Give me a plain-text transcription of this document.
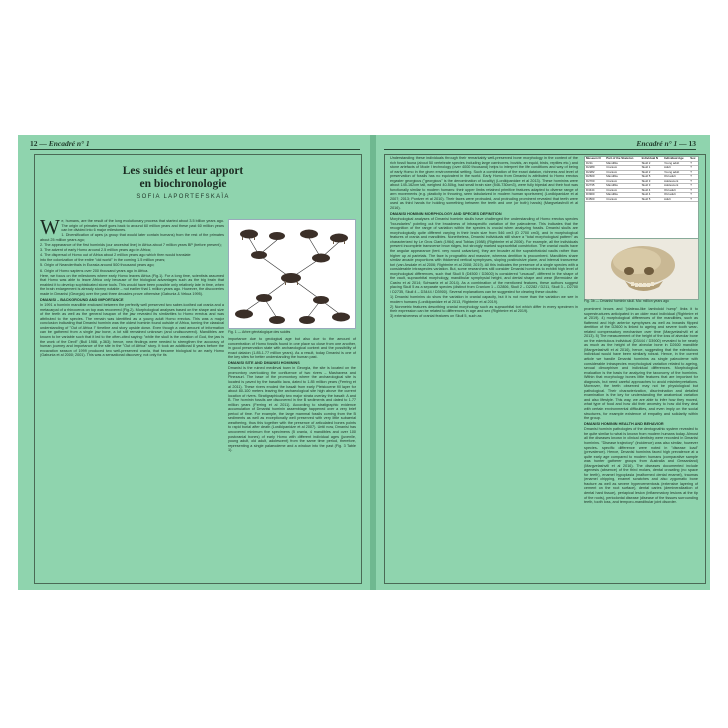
12 — Encadré n° 1
Les suidés et leur apport
en biochronologie
SOFIA LAPORTEFSKAÏA

We, humans, are the result of the long evolutionary process that started about 3.5 billion years ago. The origin of primates itself goes back to around 60 million years and these past 60 million years can be divided into 6 major milestones.

1. Diversification of apes (a group that would later contain humans) from the rest of the primates about 25 million years ago;

2. The appearance of the first hominids (our ancestral line) in Africa about 7 million years BP (before present);

3. The advent of early Homo around 2.5 million years ago in Africa;

4. The dispersal of Homo out of Africa about 2 million years ago which then would translate

into the colonization of the entire "old world" in the coming 1.5 million years;

5. Origin of Neanderthals in Eurasia around 500 thousand years ago;

6. Origin of Homo sapiens over 200 thousand years ago in Africa.

Here, we focus on the milestones where early Homo leaves Africa (Fig.1). For a long time, scientists assumed that Homo was able to leave Africa only because of the biological advantages such as the big brain that enabled it to develop sophisticated stone tools. This would have been possible only relatively late in time, when the brain enlargement is already stormy notable – not earlier that 1 million years ago. However, the discoveries made in Dmanisi (Georgia) over the past three decades prove otherwise (Gabunia & Vekua 1995).

DMANISI – BACKGROUND AND IMPORTANCE

In 1991 a hominin mandible enclosed between the perfectly well preserved two saber-toothed cat crania and a metacarpal of a rhinoceros on top was recovered (Fig.2). Morphological analyses based on the shape and size of the teeth as well as the general baupan of the jaw revealed its similarities to Homo erectus and was attributed to the species. The remain was identified as a young adult Homo erectus. This was a major conclusion indicating that Dmanisi hominin was the oldest hominin found outside of Africa, turning the classical understanding of "Out of Africa I" timeline and story upside down. Even though a vast amount of information can be gathered from a single jaw bone, a lot still remained unknown (and undiscovered). Mandibles are known to be variable such that it led to the often-cited saying: "while the skull is the creation of God, the jaw is the work of the Devil" (Bull 1988, p.363); hence, new findings were needed to strengthen the accuracy of human journey and importance of the site in the "Out of Africa" story. It took an additional 8 years before the excavation season of 1999 produced two well-preserved crania, that became biological to an early Homo (Gabunia et al 2000; 2001). This was a sensational discovery, not only for its

Fig. 1 — Arbre généalogique des suidés

importance due to geological age but also due to the amount of concentration of Homo fossils found in one place so close from one another, in good preservation state with archaeological context and the possibility of exact dataion (1.85-1.77 million years). As a result, today Dmanisi is one of the key sites for better understanding the human past.

DMANISI SITE AND DMANISI HOMININS

Dmanisi is the ruined medieval town in Georgia, the site is located on the promontory overlooking the confluence of two rivers – Mashavera and Pinezaurl. The base of the promontory where the archaeological site is located is paved by the basaltic lava, dated to 1.85 million years (Ferring et al 2011). These rivers eroded the basalt from early Pleistocene fill layer for about 80-100 meters leaving the archaeological site high above the current location of rivers. Stratigraphically two major strata overlay the basalt: A and B. The hominin fossils are discovered in the B sediments and dated to 1.77 million years (Ferring et al 2011). According to stratigraphic evidence accumulation of Dmanisi hominin assemblage happened over a very brief period of time. For example, the large mammal fossils coming from the B sediments as well as exceptionally well preserved with very little subaerial weathering, thus this together with the presence of articulated bones points to rapid burial after death (Lordkipanidze et al 2007). Until now, Dmanisi has uncovered minimum five specimens (5 crania, 4 mandibles and over 100 postcranial bones) of early Homo with different individual ages (juvenile, young adult, old adult, adolescent) from the same time period, therefore, representing a single palaeodeme and a window into the past (Fig. 3 Table 1).

Encadré n° 1 — 13

Understanding these individuals through their remarkably well-preserved bone morphology in the context of the rich fossil fauna (about 50 vertebrate species including large carnivores, bovids, an equid, birds, reptiles etc.) and stone artefacts of Mode I technology (over 4000 thousand) helps to interpret the life conditions and way of being of early Homo in the given environmental setting. Such a combination of the exact dataion, richness and level of preservation of fossils has no equivalent in the world. Early Homo from Dmanisi is attributed to Homo erectus ergaster georgicus ("georgicus" is the denomination of locality) (Lordkipanidze et al 2013). These hominins were about 145-162cm tall, weighed 40-50kg, had small brain size (546-730cm3), were fully bipedal and their foot was functionally similar to modern humans: their upper limbs retained primitive features adapted to diverse range of arm movements (e.g. plasticity in throwing, seen tabularized in modern human sportsmen) (Lordkipanidze et al 2007; 2013; Pontzer et al 2010). Their faces were protruded, and protruding prominent revealed that teeth were used as third hands for holding something between the teeth and one (or both) hands) (Margvelashvili et al 2016).

DMANISI HOMININ MORPHOLOGY AND SPECIES DEFINITION

Morphological analyses of Dmanisi hominin skulls have challenged the understanding of Homo erectus species "boundaries" pointing out the broadness of intraspecific variation of the paleodeme. This indicates that the recognition of the range of variation within the species is crucial when analyzing fossils. Dmanisi skulls are morphologically quite different varying in their brain size from 546 cm3 (D 2700 cm3), and in morphological features of crania and mandibles. Nonetheless, Dmanisi individuals still share a "total morphological pattern" as characterized by Le Gros Clark (1964) and Tobias (1988) (Rightmire et al 2006). For example, all the individuals present incomplete transverse brow ridges, but strongly marked supraorbital constriction. The cranial vaults have the angular appearance (tent. very round calvarium), they are broader at the suprainfratotal vaults rather than higher up at parietals. The face is prognathic and massive, whereas dentition is procumbent. Mandibles share similar arcade proportions with thickened vertical symphyses, sloping postincisive plane, and internal transverse tori (van Arsdale et al 2006; Rightmire et al 2008; 2019). All this indicates the presence of a single species with a considerable intraspecies variation. But, some researchers still consider Dmanisi hominins to exhibit high level of morphological differences, such that Skull 5 (D4500 / D2600) is considered "unusual", different in the shape of the vault, supraorbital morphology, mandibular symphysial height, and dental shape and wear (Bermúdez de Castro et al 2014; Schwartz et al 2014). As a combination of the mentioned features, these authors suggest placing Skull 5 as a separate species (distinct from Cranium 1 – D2806, Skull 2 – D2282 / D211, Skull 3 – D2700 / D2735, Skull 4 – D3444 / D3900). Several explanations can be suggested for clearing these doubts:

1) Dmanisi hominins do show the variation in cranial capacity, but it is not more than the variation we see in modern humans (Lordkipanidze et al 2013, Rightmire et al 2019).

2) Nonmetric features describing cranial morphology such as supraorbital tori which differ in every specimen in their expression can be related to differences in age and sex (Rightmire et al 2019).

3) extensiveness of cranial features on Skull 5, such as

Museum N	Part of the Skeleton	Individual N	Individual Age	Sex
D211	Mandible	Skull 2	Young adult	?
D2280	Cranium	Skull 1	Adult	?
D2282	Cranium	Skull 2	Young adult	?
D2600	Mandible	Skull 5	Old adult	?
D2700	Cranium	Skull 3	Adolescent	?
D2735	Mandible	Skull 3	Adolescent	?
D3444	Cranium	Skull 4	Old adult	?
D3900	Mandible	Skull 4	Old adult	?
D4500	Cranium	Skull 5	Adult	?
Fig. 3b — Dmanisi hominin skull. Ma: million years ago

prominent brows and "plateau-like lambdoid hump" links it to superstructures anticipated in an older maxi individual (Rightmire et al 2019). 4) morphological differences of the mandibles, such as flattened and high anterior symphyses as well as inwards flipped dentition of the D2600 is linked to ageing and severe tooth wear-related compensatory mechanism over time (Margvelashvili et al 2013). 5) The measurement of the height of the loss of alveolar bone on the edentulous individual (D3444 / D3900) revealed to be nearly as much as the height of the alveolar bone in D2600 mandible (Margvelashvili et al 2016), hence, suggesting that the edentulous individual would have been similarly robust. Hence, in the current article we handle Dmanisi hominins as single paleodeme with considerable intraspecies morphological variation related to ageing, sexual dimorphism and individual differences. Morphological evaluation is the basis for analyzing the taxonomy of the hominins. Within that morphology bones little features that are important for diagnosis, but need careful approaches to avoid misinterpretations. Moreover, the teeth observed may not be physiological but pathological. Their characterization, discrimination and detailed examination is the key for understanding the anatomical variation and also lifestyle. This way, we are able to infer how they moved, what type of food and how did their ancestry to how did they deal with certain environmental difficulties, and even imply on the social structures, for example existence of empathy and solidarity within the group.

DMANISI HOMININ HEALTH AND BEHAVIOR

Dmanisi hominin pathologies of the dentognathic system revealed to be quite similar to what is known from modern humans today. Almost all the diseases known in clinical dentistry were recorded in Dmanisi hominins. "Disease trajectory" (incidence) was also similar, however species- specific difference were noted in "disease load" (prevalence). Hence, Dmanisi hominins faced high prevalence at a quite early age compared to modern humans (comparative sample was hunter gatherer groups from Australia and Greaanland) (Margvelashvili et al 2016). The diseases documented include agenesis (absence) of the third molars, dental crowding (no space for teeth), enamel hypoplasia (malformed dental enamel), traumas (enamel chipping, enamel scratches and also zygomatic bone fracture as well as severe hypercementosis (extensive layering of cement on the root surface), dental caries (demineralization of dental hard tissue), periapical lesion (inflammatory lesions at the tip of the roots), periodontal disease (disease of the tissues surrounding teeth, tooth loss, and temporo-mandibular joint disorder.
